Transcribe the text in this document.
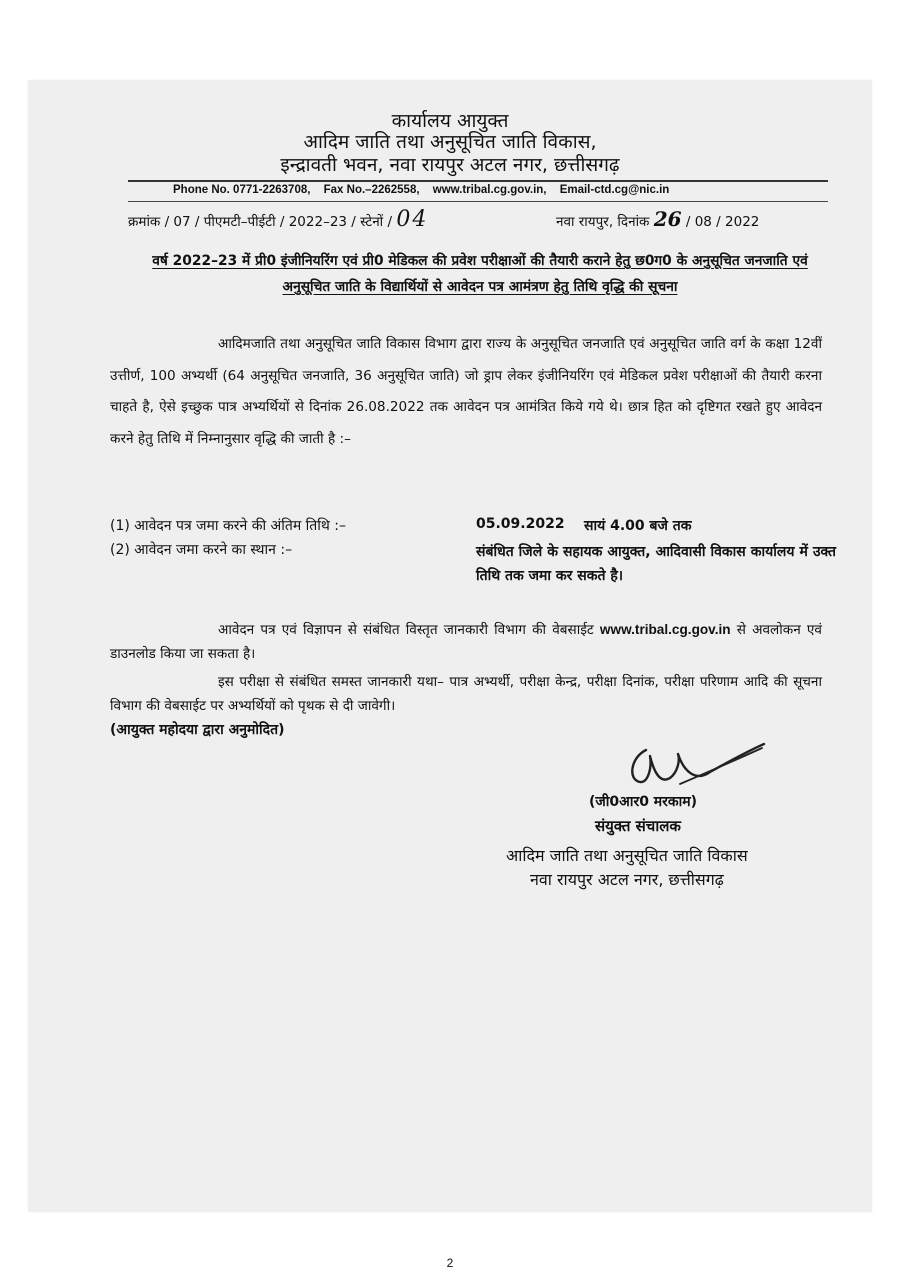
कार्यालय आयुक्त
आदिम जाति तथा अनुसूचित जाति विकास,
इन्द्रावती भवन, नवा रायपुर अटल नगर, छत्तीसगढ़
Phone No. 0771-2263708, Fax No.–2262558, www.tribal.cg.gov.in, Email-ctd.cg@nic.in
क्रमांक / 07 / पीएमटी–पीईटी / 2022–23 / स्टेनों / 04	नवा रायपुर, दिनांक 26 / 08 / 2022
वर्ष 2022–23 में प्री0 इंजीनियरिंग एवं प्री0 मेडिकल की प्रवेश परीक्षाओं की तैयारी कराने हेतु छ0ग0 के अनुसूचित जनजाति एवं अनुसूचित जाति के विद्यार्थियों से आवेदन पत्र आमंत्रण हेतु तिथि वृद्धि की सूचना
आदिमजाति तथा अनुसूचित जाति विकास विभाग द्वारा राज्य के अनुसूचित जनजाति एवं अनुसूचित जाति वर्ग के कक्षा 12वीं उत्तीर्ण, 100 अभ्यर्थी (64 अनुसूचित जनजाति, 36 अनुसूचित जाति) जो ड्राप लेकर इंजीनियरिंग एवं मेडिकल प्रवेश परीक्षाओं की तैयारी करना चाहते है, ऐसे इच्छुक पात्र अभ्यर्थियों से दिनांक 26.08.2022 तक आवेदन पत्र आमंत्रित किये गये थे। छात्र हित को दृष्टिगत रखते हुए आवेदन करने हेतु तिथि में निम्नानुसार वृद्धि की जाती है :–
(1) आवेदन पत्र जमा करने की अंतिम तिथि :–	05.09.2022 सायं 4.00 बजे तक
(2) आवेदन जमा करने का स्थान :–	संबंधित जिले के सहायक आयुक्त, आदिवासी विकास कार्यालय में उक्त तिथि तक जमा कर सकते है।
आवेदन पत्र एवं विज्ञापन से संबंधित विस्तृत जानकारी विभाग की वेबसाईट www.tribal.cg.gov.in से अवलोकन एवं डाउनलोड किया जा सकता है।
इस परीक्षा से संबंधित समस्त जानकारी यथा– पात्र अभ्यर्थी, परीक्षा केन्द्र, परीक्षा दिनांक, परीक्षा परिणाम आदि की सूचना विभाग की वेबसाईट पर अभ्यर्थियों को पृथक से दी जावेगी।
(आयुक्त महोदया द्वारा अनुमोदित)
(जी0आर0 मरकाम)
संयुक्त संचालक
आदिम जाति तथा अनुसूचित जाति विकास
नवा रायपुर अटल नगर, छत्तीसगढ़
2
